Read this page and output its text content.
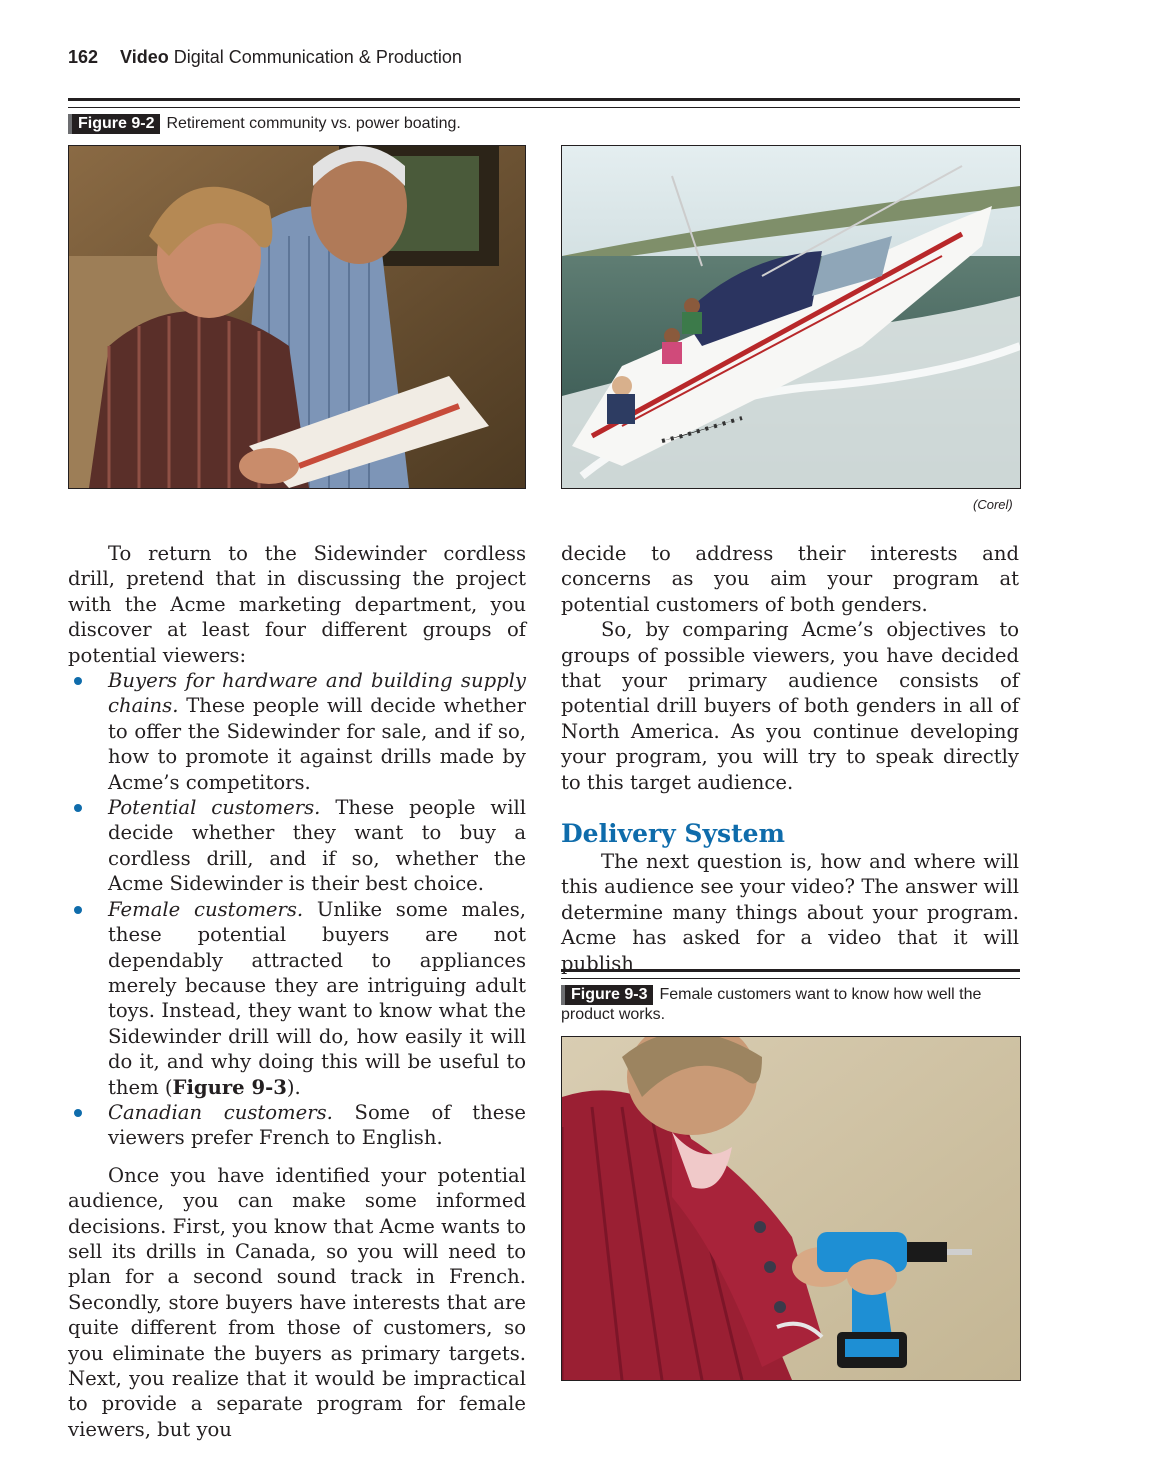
162 Video Digital Communication & Production
Figure 9-2 Retirement community vs. power boating.
(Corel)

To return to the Sidewinder cordless drill, pretend that in discussing the project with the Acme marketing department, you discover at least four different groups of potential viewers:

Buyers for hardware and building supply chains. These people will decide whether to offer the Sidewinder for sale, and if so, how to promote it against drills made by Acme’s competitors.
Potential customers. These people will decide whether they want to buy a cordless drill, and if so, whether the Acme Sidewinder is their best choice.
Female customers. Unlike some males, these potential buyers are not dependably attracted to appliances merely because they are intriguing adult toys. Instead, they want to know what the Sidewinder drill will do, how easily it will do it, and why doing this will be useful to them (Figure 9-3).
Canadian customers. Some of these viewers prefer French to English.

Once you have identified your potential audience, you can make some informed decisions. First, you know that Acme wants to sell its drills in Canada, so you will need to plan for a second sound track in French. Secondly, store buyers have interests that are quite different from those of customers, so you eliminate the buyers as primary targets. Next, you realize that it would be impractical to provide a separate program for female viewers, but you

decide to address their interests and concerns as you aim your program at potential customers of both genders.

So, by comparing Acme’s objectives to groups of possible viewers, you have decided that your primary audience consists of potential drill buyers of both genders in all of North America. As you continue developing your program, you will try to speak directly to this target audience.

Delivery System

The next question is, how and where will this audience see your video? The answer will determine many things about your program. Acme has asked for a video that it will publish

Figure 9-3 Female customers want to know how well the product works.
